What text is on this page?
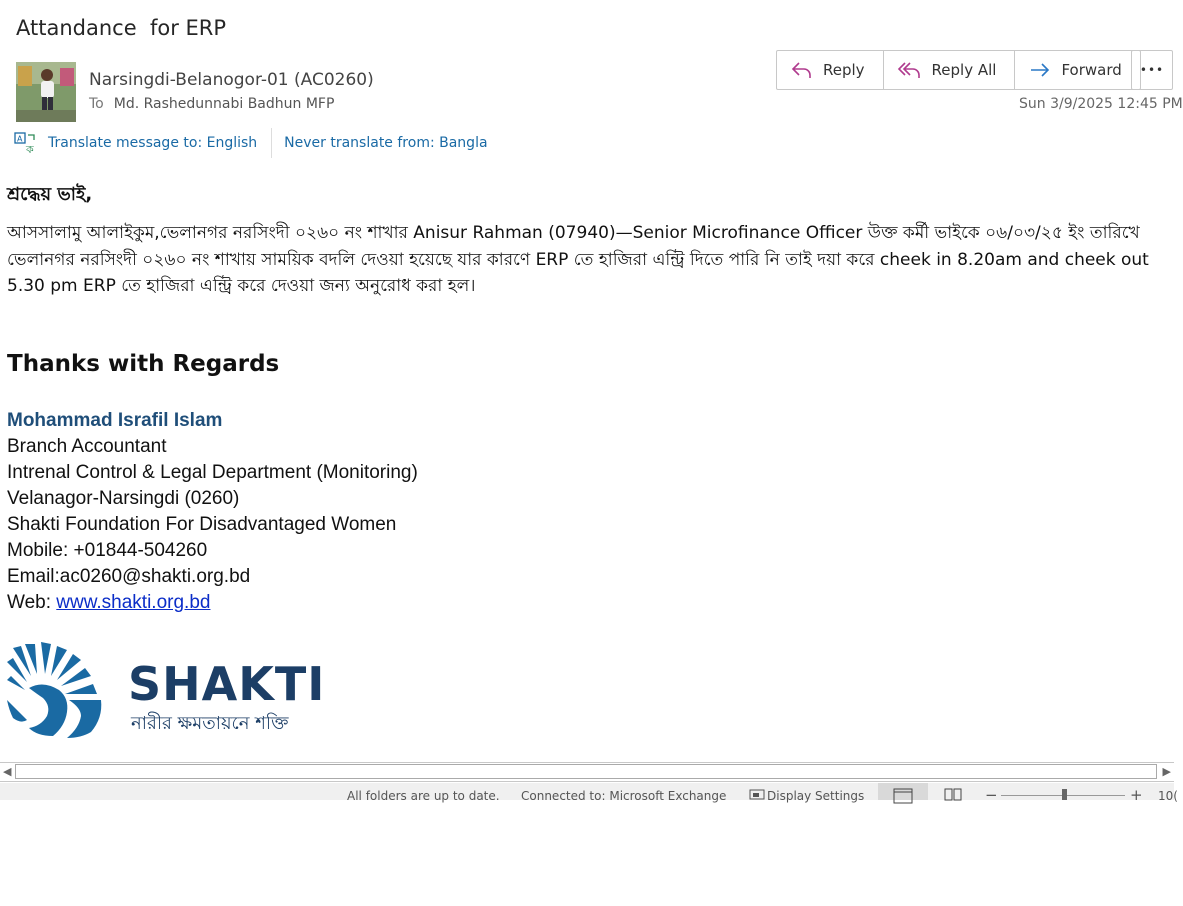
Attandance  for ERP
Narsingdi-Belanogor-01 (AC0260)
To Md. Rashedunnabi Badhun MFP
Reply	Reply All	Forward •••
Sun 3/9/2025 12:45 PM
A
ক Translate message to: English Never translate from: Bangla
শ্রদ্ধেয় ভাই,
আসসালামু আলাইকুম,ভেলানগর নরসিংদী ০২৬০ নং শাখার Anisur Rahman (07940)—Senior Microfinance Officer উক্ত কর্মী ভাইকে ০৬/০৩/২৫ ইং তারিখে ভেলানগর নরসিংদী ০২৬০ নং শাখায় সাময়িক বদলি দেওয়া হয়েছে যার কারণে ERP তে হাজিরা এন্ট্রি দিতে পারি নি তাই দয়া করে cheek in 8.20am and cheek out 5.30 pm ERP তে হাজিরা এন্ট্রি করে দেওয়া জন্য অনুরোধ করা হল।
Thanks with Regards
Mohammad Israfil Islam
Branch Accountant
Intrenal Control & Legal Department (Monitoring)
Velanagor-Narsingdi (0260)
Shakti Foundation For Disadvantaged Women
Mobile: +01844-504260
Email:ac0260@shakti.org.bd
Web: www.shakti.org.bd
SHAKTI
নারীর ক্ষমতায়নে শক্তি
◀	▶
All folders are up to date. Connected to: Microsoft Exchange	Display Settings	−	+ 10(
